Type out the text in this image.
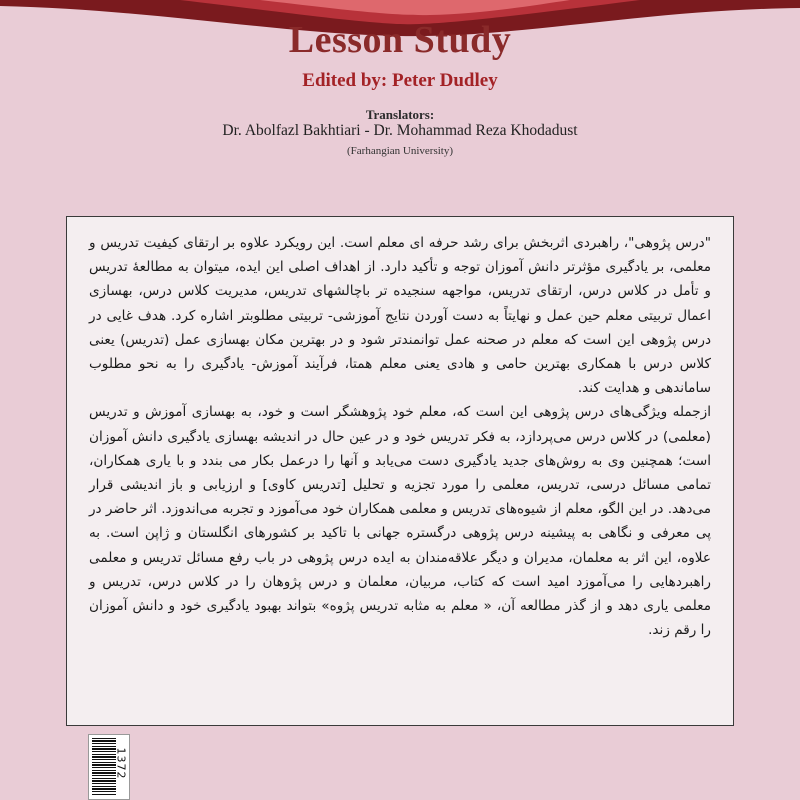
Lesson Study
Edited by: Peter Dudley
Translators:
Dr. Abolfazl Bakhtiari - Dr. Mohammad Reza Khodadust
(Farhangian University)

"درس پژوهی"، راهبردی اثربخش برای رشد حرفه ای معلم است. این رویکرد علاوه بر ارتقای کیفیت تدریس و معلمی، بر یادگیری مؤثرتر دانش آموزان توجه و تأکید دارد. از اهداف اصلی این ایده، میتوان به مطالعهٔ تدریس و تأمل در کلاس درس، ارتقای تدریس، مواجهه سنجیده تر باچالشهای تدریس، مدیریت کلاس درس، بهسازی اعمال تربیتی معلم حین عمل و نهایتاً به دست آوردن نتایج آموزشی- تربیتی مطلوبتر اشاره کرد. هدف غایی در درس پژوهی این است که معلم در صحنه عمل توانمندتر شود و در بهترین مکان بهسازی عمل (تدریس) یعنی کلاس درس با همکاری بهترین حامی و هادی یعنی معلم همتا، فرآیند آموزش- یادگیری را به نحو مطلوب ساماندهی و هدایت کند.

ازجمله ویژگی‌های درس پژوهی این است که، معلم خود پژوهشگر است و خود، به بهسازی آموزش و تدریس (معلمی) در کلاس درس می‌پردازد، به فکر تدریس خود و در عین حال در اندیشه بهسازی یادگیری دانش آموزان است؛ همچنین وی به روش‌های جدید یادگیری دست می‌یابد و آنها را درعمل بکار می بندد و با یاری همکاران، تمامی مسائل درسی، تدریس، معلمی را مورد تجزیه و تحلیل [تدریس کاوی] و ارزیابی و باز اندیشی قرار می‌دهد. در این الگو، معلم از شیوه‌های تدریس و معلمی همکاران خود می‌آموزد و تجربه می‌اندوزد. اثر حاضر در پی معرفی و نگاهی به پیشینه درس پژوهی درگستره جهانی با تاکید بر کشورهای انگلستان و ژاپن است. به علاوه، این اثر به معلمان، مدیران و دیگر علاقه‌مندان به ایده درس پژوهی در باب رفع مسائل تدریس و معلمی راهبردهایی را می‌آموزد امید است که کتاب، مربیان، معلمان و درس پژوهان را در کلاس درس، تدریس و معلمی یاری دهد و از گذر مطالعه آن، « معلم به مثابه تدریس پژوه» بتواند بهبود یادگیری خود و دانش آموزان را رقم زند.

1372
